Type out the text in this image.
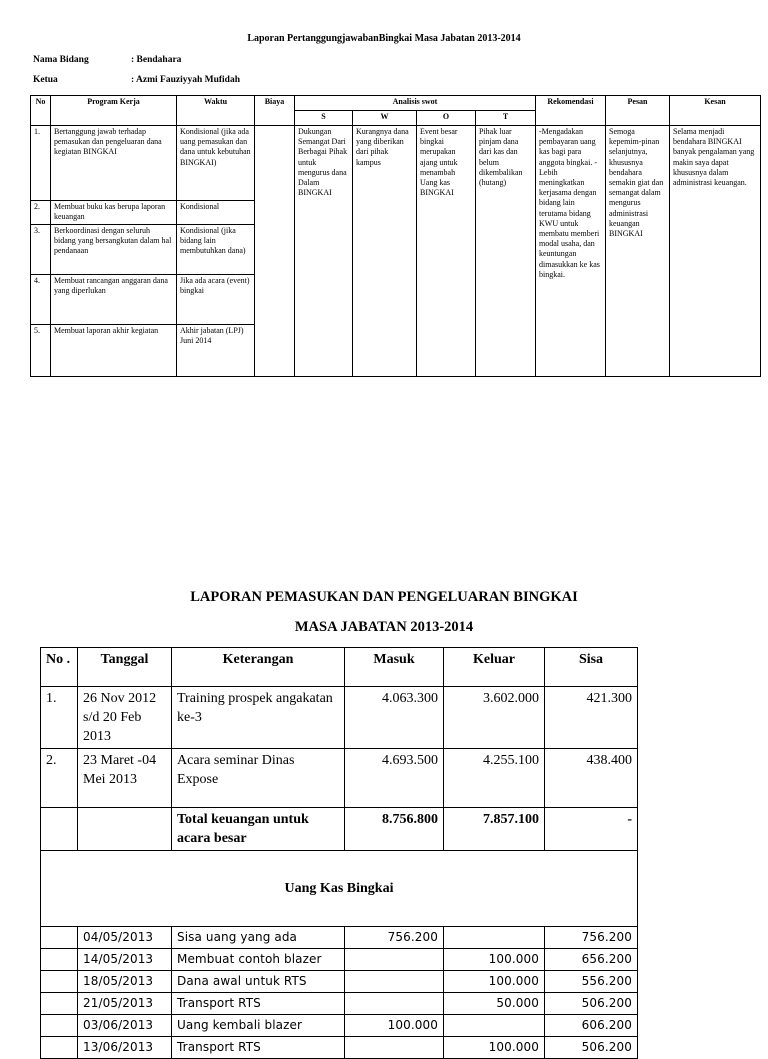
Laporan PertanggungjawabanBingkai Masa Jabatan 2013-2014
Nama Bidang	: Bendahara
Ketua	: Azmi Fauziyyah Mufidah
No	Program Kerja	Waktu	Biaya	Analisis swot				Rekomendasi	Pesan	Kesan
				S	W	O	T			
1.	Bertanggung jawab terhadap pemasukan dan pengeluaran dana kegiatan BINGKAI	Kondisional (jika ada uang pemasukan dan dana untuk kebutuhan BINGKAI)		Dukungan Semangat Dari Berbagai Pihak untuk mengurus dana Dalam BINGKAI	Kurangnya dana yang diberikan dari pihak kampus	Event besar bingkai merupakan ajang untuk menambah Uang kas BINGKAI	Pihak luar pinjam dana dari kas dan belum dikembalikan (hutang)	-Mengadakan pembayaran uang kas bagi para anggota bingkai. - Lebih meningkatkan kerjasama dengan bidang lain terutama bidang KWU untuk membatu memberi modal usaha, dan keuntungan dimasukkan ke kas bingkai.	Semoga kepemim-pinan selanjutnya, khususnya bendahara semakin giat dan semangat dalam mengurus administrasi keuangan BINGKAI	Selama menjadi bendahara BINGKAI banyak pengalaman yang makin saya dapat khususnya dalam administrasi keuangan.
2.	Membuat buku kas berupa laporan keuangan	Kondisional								
3.	Berkoordinasi dengan seluruh bidang yang bersangkutan dalam hal pendanaan	Kondisional (jika bidang lain membutuhkan dana)								
4.	Membuat rancangan anggaran dana yang diperlukan	Jika ada acara (event) bingkai								
5.	Membuat laporan akhir kegiatan	Akhir jabatan (LPJ) Juni 2014								
LAPORAN PEMASUKAN DAN PENGELUARAN BINGKAI
MASA JABATAN 2013-2014
No .	Tanggal	Keterangan	Masuk	Keluar	Sisa
1.	26 Nov 2012 s/d 20 Feb 2013	Training prospek angakatan ke-3	4.063.300	3.602.000	421.300
2.	23 Maret -04 Mei 2013	Acara seminar Dinas Expose	4.693.500	4.255.100	438.400
		Total keuangan untuk acara besar	8.756.800	7.857.100	-
Uang Kas Bingkai					
	04/05/2013	Sisa uang yang ada	756.200		756.200
	14/05/2013	Membuat contoh blazer		100.000	656.200
	18/05/2013	Dana awal untuk RTS		100.000	556.200
	21/05/2013	Transport RTS		50.000	506.200
	03/06/2013	Uang kembali blazer	100.000		606.200
	13/06/2013	Transport RTS		100.000	506.200
